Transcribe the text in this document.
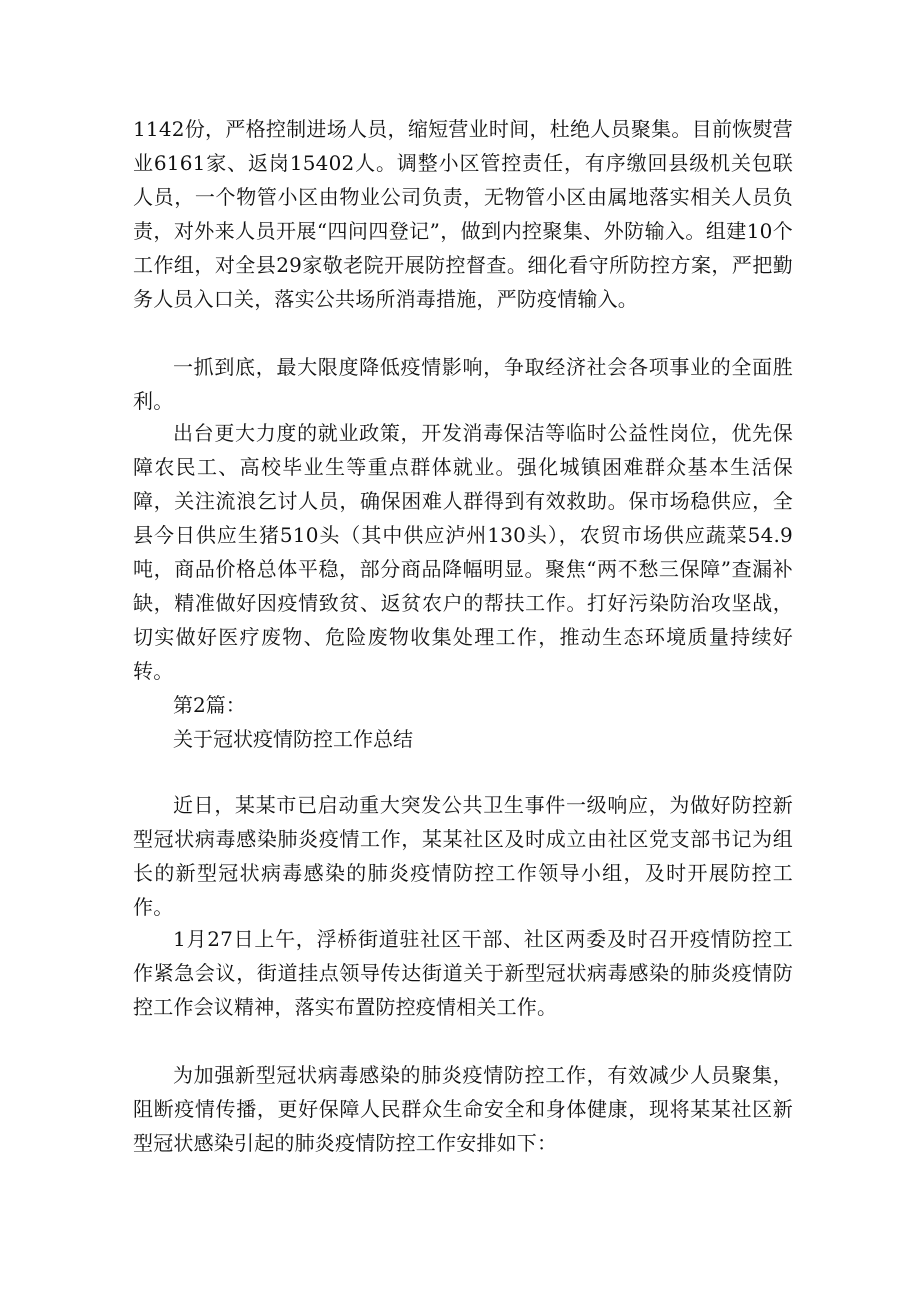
1142份，严格控制进场人员，缩短营业时间，杜绝人员聚集。目前恢熨营业6161家、返岗15402人。调整小区管控责任，有序缴回县级机关包联人员，一个物管小区由物业公司负责，无物管小区由属地落实相关人员负责，对外来人员开展“四问四登记”，做到内控聚集、外防输入。组建10个工作组，对全县29家敬老院开展防控督查。细化看守所防控方案，严把勤务人员入口关，落实公共场所消毒措施，严防疫情输入。

一抓到底，最大限度降低疫情影响，争取经济社会各项事业的全面胜利。

出台更大力度的就业政策，开发消毒保洁等临时公益性岗位，优先保障农民工、高校毕业生等重点群体就业。强化城镇困难群众基本生活保障，关注流浪乞讨人员，确保困难人群得到有效救助。保市场稳供应，全县今日供应生猪510头（其中供应泸州130头），农贸市场供应蔬菜54.9吨，商品价格总体平稳，部分商品降幅明显。聚焦“两不愁三保障”查漏补缺，精准做好因疫情致贫、返贫农户的帮扶工作。打好污染防治攻坚战，切实做好医疗废物、危险废物收集处理工作，推动生态环境质量持续好转。

第2篇：

关于冠状疫情防控工作总结

近日，某某市已启动重大突发公共卫生事件一级响应，为做好防控新型冠状病毒感染肺炎疫情工作，某某社区及时成立由社区党支部书记为组长的新型冠状病毒感染的肺炎疫情防控工作领导小组，及时开展防控工作。

1月27日上午，浮桥街道驻社区干部、社区两委及时召开疫情防控工作紧急会议，街道挂点领导传达街道关于新型冠状病毒感染的肺炎疫情防控工作会议精神，落实布置防控疫情相关工作。

为加强新型冠状病毒感染的肺炎疫情防控工作，有效减少人员聚集，阻断疫情传播，更好保障人民群众生命安全和身体健康，现将某某社区新型冠状感染引起的肺炎疫情防控工作安排如下：
